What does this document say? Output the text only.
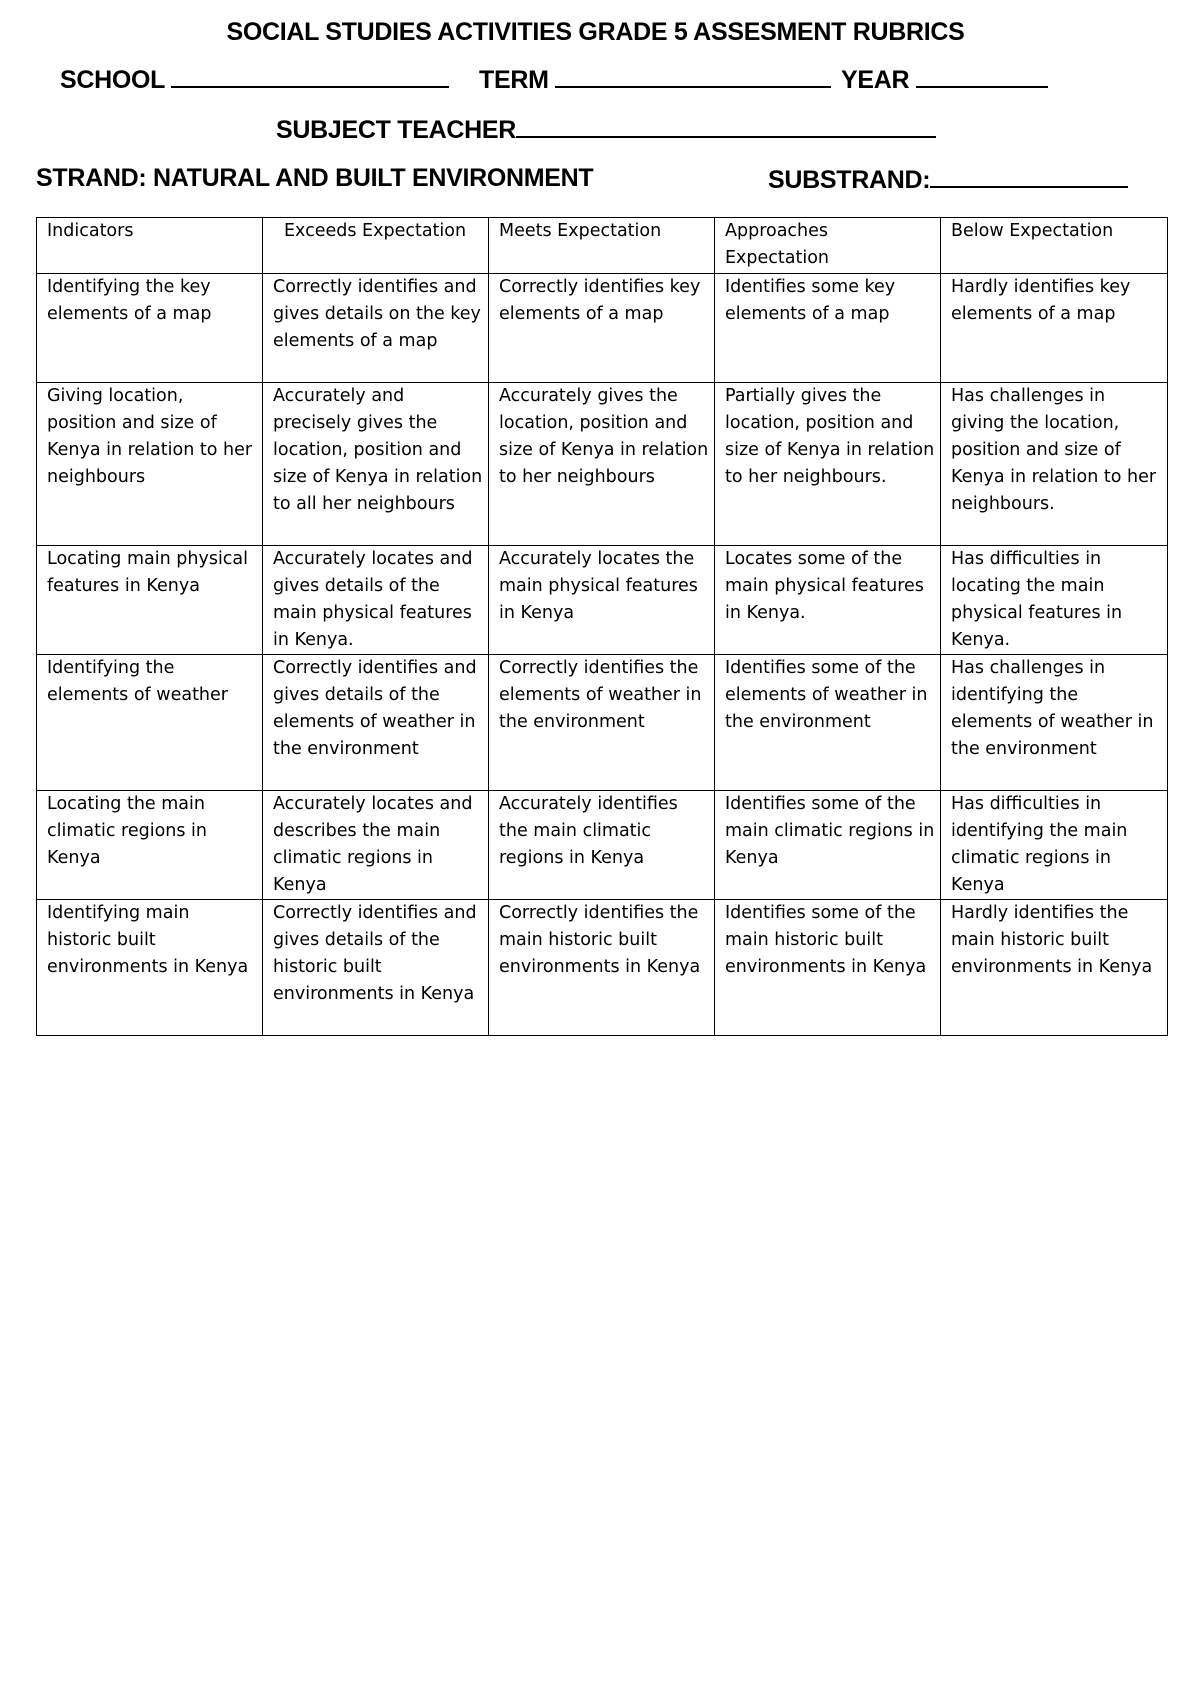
SOCIAL STUDIES ACTIVITIES GRADE 5 ASSESMENT RUBRICS
SCHOOL	TERM	YEAR
SUBJECT TEACHER
STRAND: NATURAL AND BUILT ENVIRONMENT	SUBSTRAND:
Indicators	Exceeds Expectation	Meets Expectation	Approaches Expectation	Below Expectation
Identifying the key elements of a map	Correctly identifies and gives details on the key elements of a map	Correctly identifies key elements of a map	Identifies some key elements of a map	Hardly identifies key elements of a map
Giving location, position and size of Kenya in relation to her neighbours	Accurately and precisely gives the location, position and size of Kenya in relation to all her neighbours	Accurately gives the location, position and size of Kenya in relation to her neighbours	Partially gives the location, position and size of Kenya in relation to her neighbours.	Has challenges in giving the location, position and size of Kenya in relation to her neighbours.
Locating main physical features in Kenya	Accurately locates and gives details of the main physical features in Kenya.	Accurately locates the main physical features in Kenya	Locates some of the main physical features in Kenya.	Has difficulties in locating the main physical features in Kenya.
Identifying the elements of weather	Correctly identifies and gives details of the elements of weather in the environment	Correctly identifies the elements of weather in the environment	Identifies some of the elements of weather in the environment	Has challenges in identifying the elements of weather in the environment
Locating the main climatic regions in Kenya	Accurately locates and describes the main climatic regions in Kenya	Accurately identifies the main climatic regions in Kenya	Identifies some of the main climatic regions in Kenya	Has difficulties in identifying the main climatic regions in Kenya
Identifying main historic built environments in Kenya	Correctly identifies and gives details of the historic built environments in Kenya	Correctly identifies the main historic built environments in Kenya	Identifies some of the main historic built environments in Kenya	Hardly identifies the main historic built environments in Kenya
